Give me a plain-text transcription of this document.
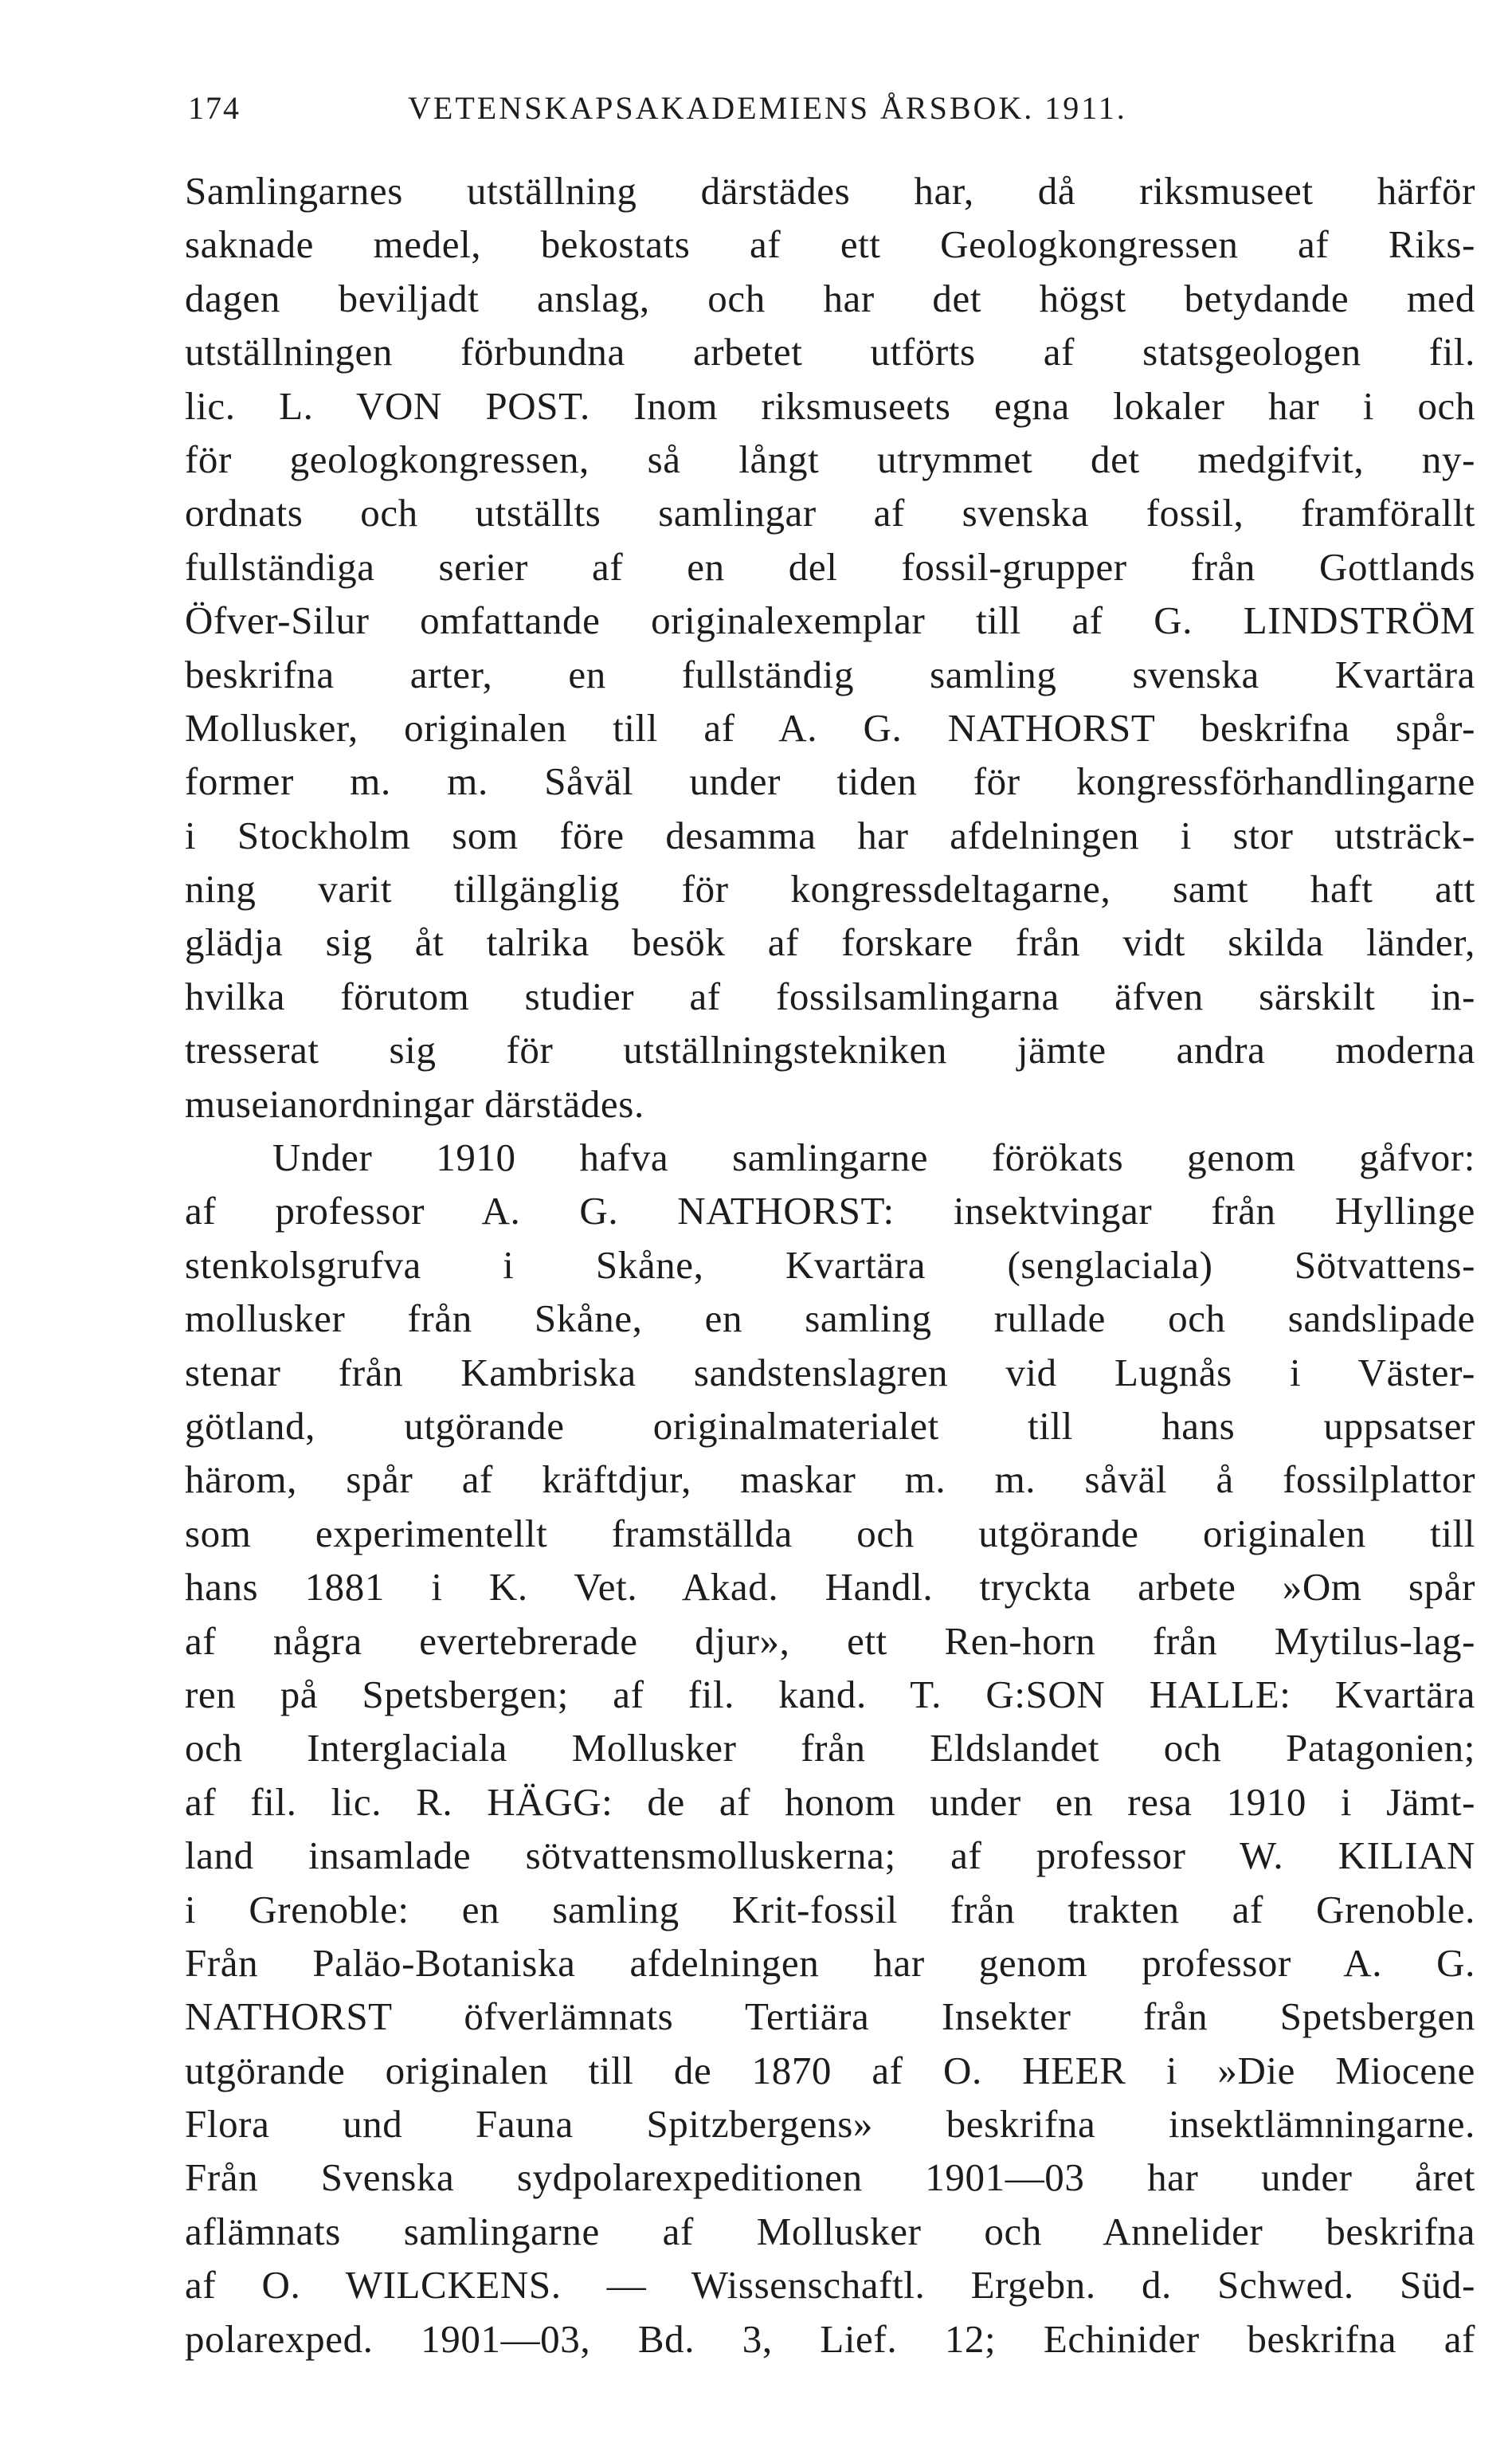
174	VETENSKAPSAKADEMIENS ÅRSBOK. 1911.
Samlingarnes utställning därstädes har, då riksmuseet härför
saknade medel, bekostats af ett Geologkongressen af Riks-
dagen beviljadt anslag, och har det högst betydande med
utställningen förbundna arbetet utförts af statsgeologen fil.
lic. L. VON POST. Inom riksmuseets egna lokaler har i och
för geologkongressen, så långt utrymmet det medgifvit, ny-
ordnats och utställts samlingar af svenska fossil, framförallt
fullständiga serier af en del fossil-grupper från Gottlands
Öfver-Silur omfattande originalexemplar till af G. LINDSTRÖM
beskrifna arter, en fullständig samling svenska Kvartära
Mollusker, originalen till af A. G. NATHORST beskrifna spår-
former m. m. Såväl under tiden för kongressförhandlingarne
i Stockholm som före desamma har afdelningen i stor utsträck-
ning varit tillgänglig för kongressdeltagarne, samt haft att
glädja sig åt talrika besök af forskare från vidt skilda länder,
hvilka förutom studier af fossilsamlingarna äfven särskilt in-
tresserat sig för utställningstekniken jämte andra moderna
museianordningar därstädes.
Under 1910 hafva samlingarne förökats genom gåfvor:
af professor A. G. NATHORST: insektvingar från Hyllinge
stenkolsgrufva i Skåne, Kvartära (senglaciala) Sötvattens-
mollusker från Skåne, en samling rullade och sandslipade
stenar från Kambriska sandstenslagren vid Lugnås i Väster-
götland, utgörande originalmaterialet till hans uppsatser
härom, spår af kräftdjur, maskar m. m. såväl å fossilplattor
som experimentellt framställda och utgörande originalen till
hans 1881 i K. Vet. Akad. Handl. tryckta arbete »Om spår
af några evertebrerade djur», ett Ren-horn från Mytilus-lag-
ren på Spetsbergen; af fil. kand. T. G:SON HALLE: Kvartära
och Interglaciala Mollusker från Eldslandet och Patagonien;
af fil. lic. R. HÄGG: de af honom under en resa 1910 i Jämt-
land insamlade sötvattensmolluskerna; af professor W. KILIAN
i Grenoble: en samling Krit-fossil från trakten af Grenoble.
Från Paläo-Botaniska afdelningen har genom professor A. G.
NATHORST öfverlämnats Tertiära Insekter från Spetsbergen
utgörande originalen till de 1870 af O. HEER i »Die Miocene
Flora und Fauna Spitzbergens» beskrifna insektlämningarne.
Från Svenska sydpolarexpeditionen 1901—03 har under året
aflämnats samlingarne af Mollusker och Annelider beskrifna
af O. WILCKENS. — Wissenschaftl. Ergebn. d. Schwed. Süd-
polarexped. 1901—03, Bd. 3, Lief. 12; Echinider beskrifna af
